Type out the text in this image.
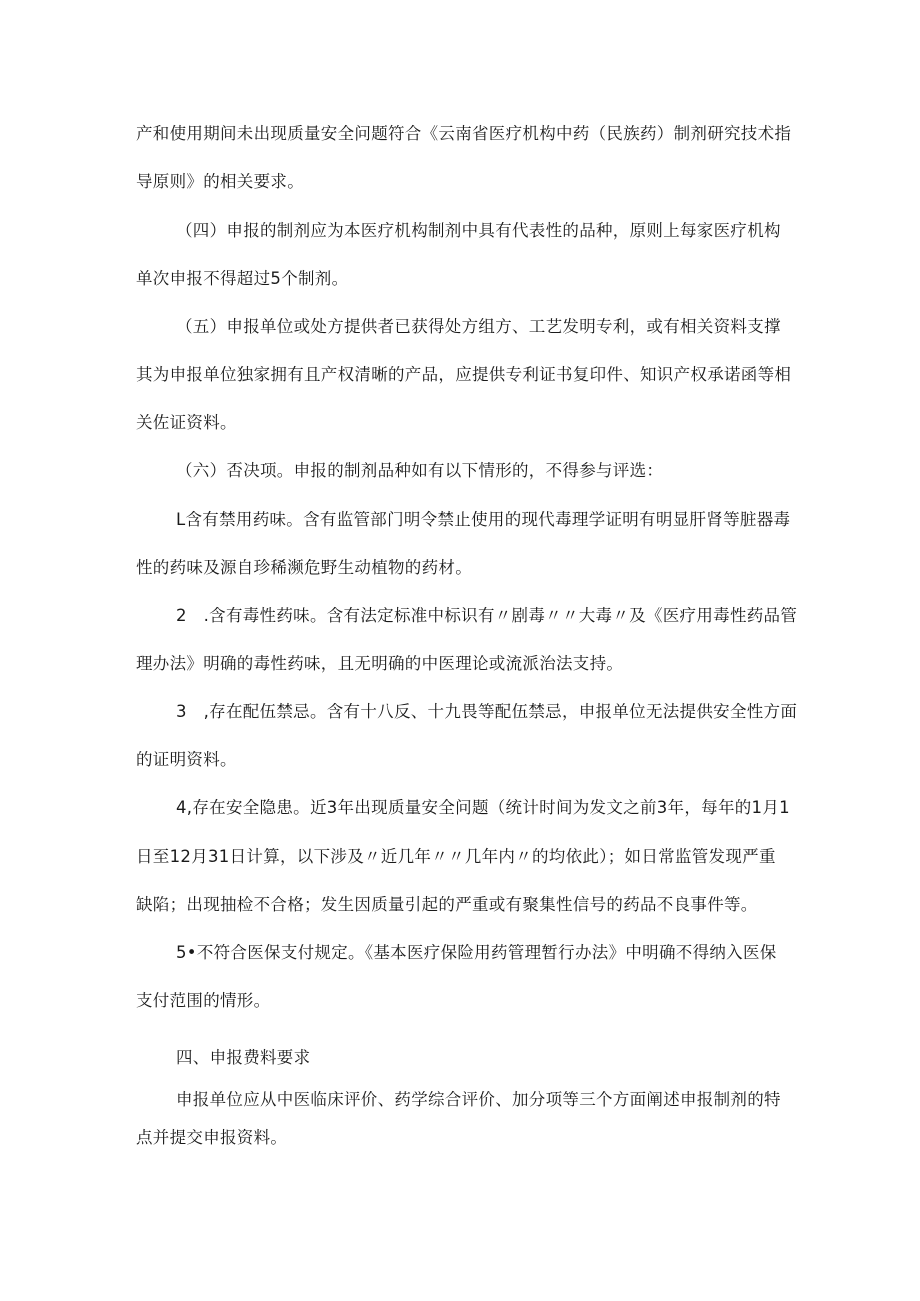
产和使用期间未出现质量安全问题符合《云南省医疗机构中药（民族药）制剂研究技术指
导原则》的相关要求。
（四）申报的制剂应为本医疗机构制剂中具有代表性的品种，原则上每家医疗机构
单次申报不得超过5个制剂。
（五）申报单位或处方提供者已获得处方组方、工艺发明专利，或有相关资料支撑
其为申报单位独家拥有且产权清晰的产品，应提供专利证书复印件、知识产权承诺函等相
关佐证资料。
（六）否决项。申报的制剂品种如有以下情形的，不得参与评选：
L含有禁用药味。含有监管部门明令禁止使用的现代毒理学证明有明显肝肾等脏器毒
性的药味及源自珍稀濒危野生动植物的药材。
2　.含有毒性药味。含有法定标准中标识有〃剧毒〃〃大毒〃及《医疗用毒性药品管
理办法》明确的毒性药味，且无明确的中医理论或流派治法支持。
3　,存在配伍禁忌。含有十八反、十九畏等配伍禁忌，申报单位无法提供安全性方面
的证明资料。
4,存在安全隐患。近3年出现质量安全问题（统计时间为发文之前3年，每年的1月1
日至12月31日计算，以下涉及〃近几年〃〃几年内〃的均依此）；如日常监管发现严重
缺陷；出现抽检不合格；发生因质量引起的严重或有聚集性信号的药品不良事件等。
5•不符合医保支付规定。《基本医疗保险用药管理暂行办法》中明确不得纳入医保
支付范围的情形。
四、申报费料要求
申报单位应从中医临床评价、药学综合评价、加分项等三个方面阐述申报制剂的特
点并提交申报资料。
